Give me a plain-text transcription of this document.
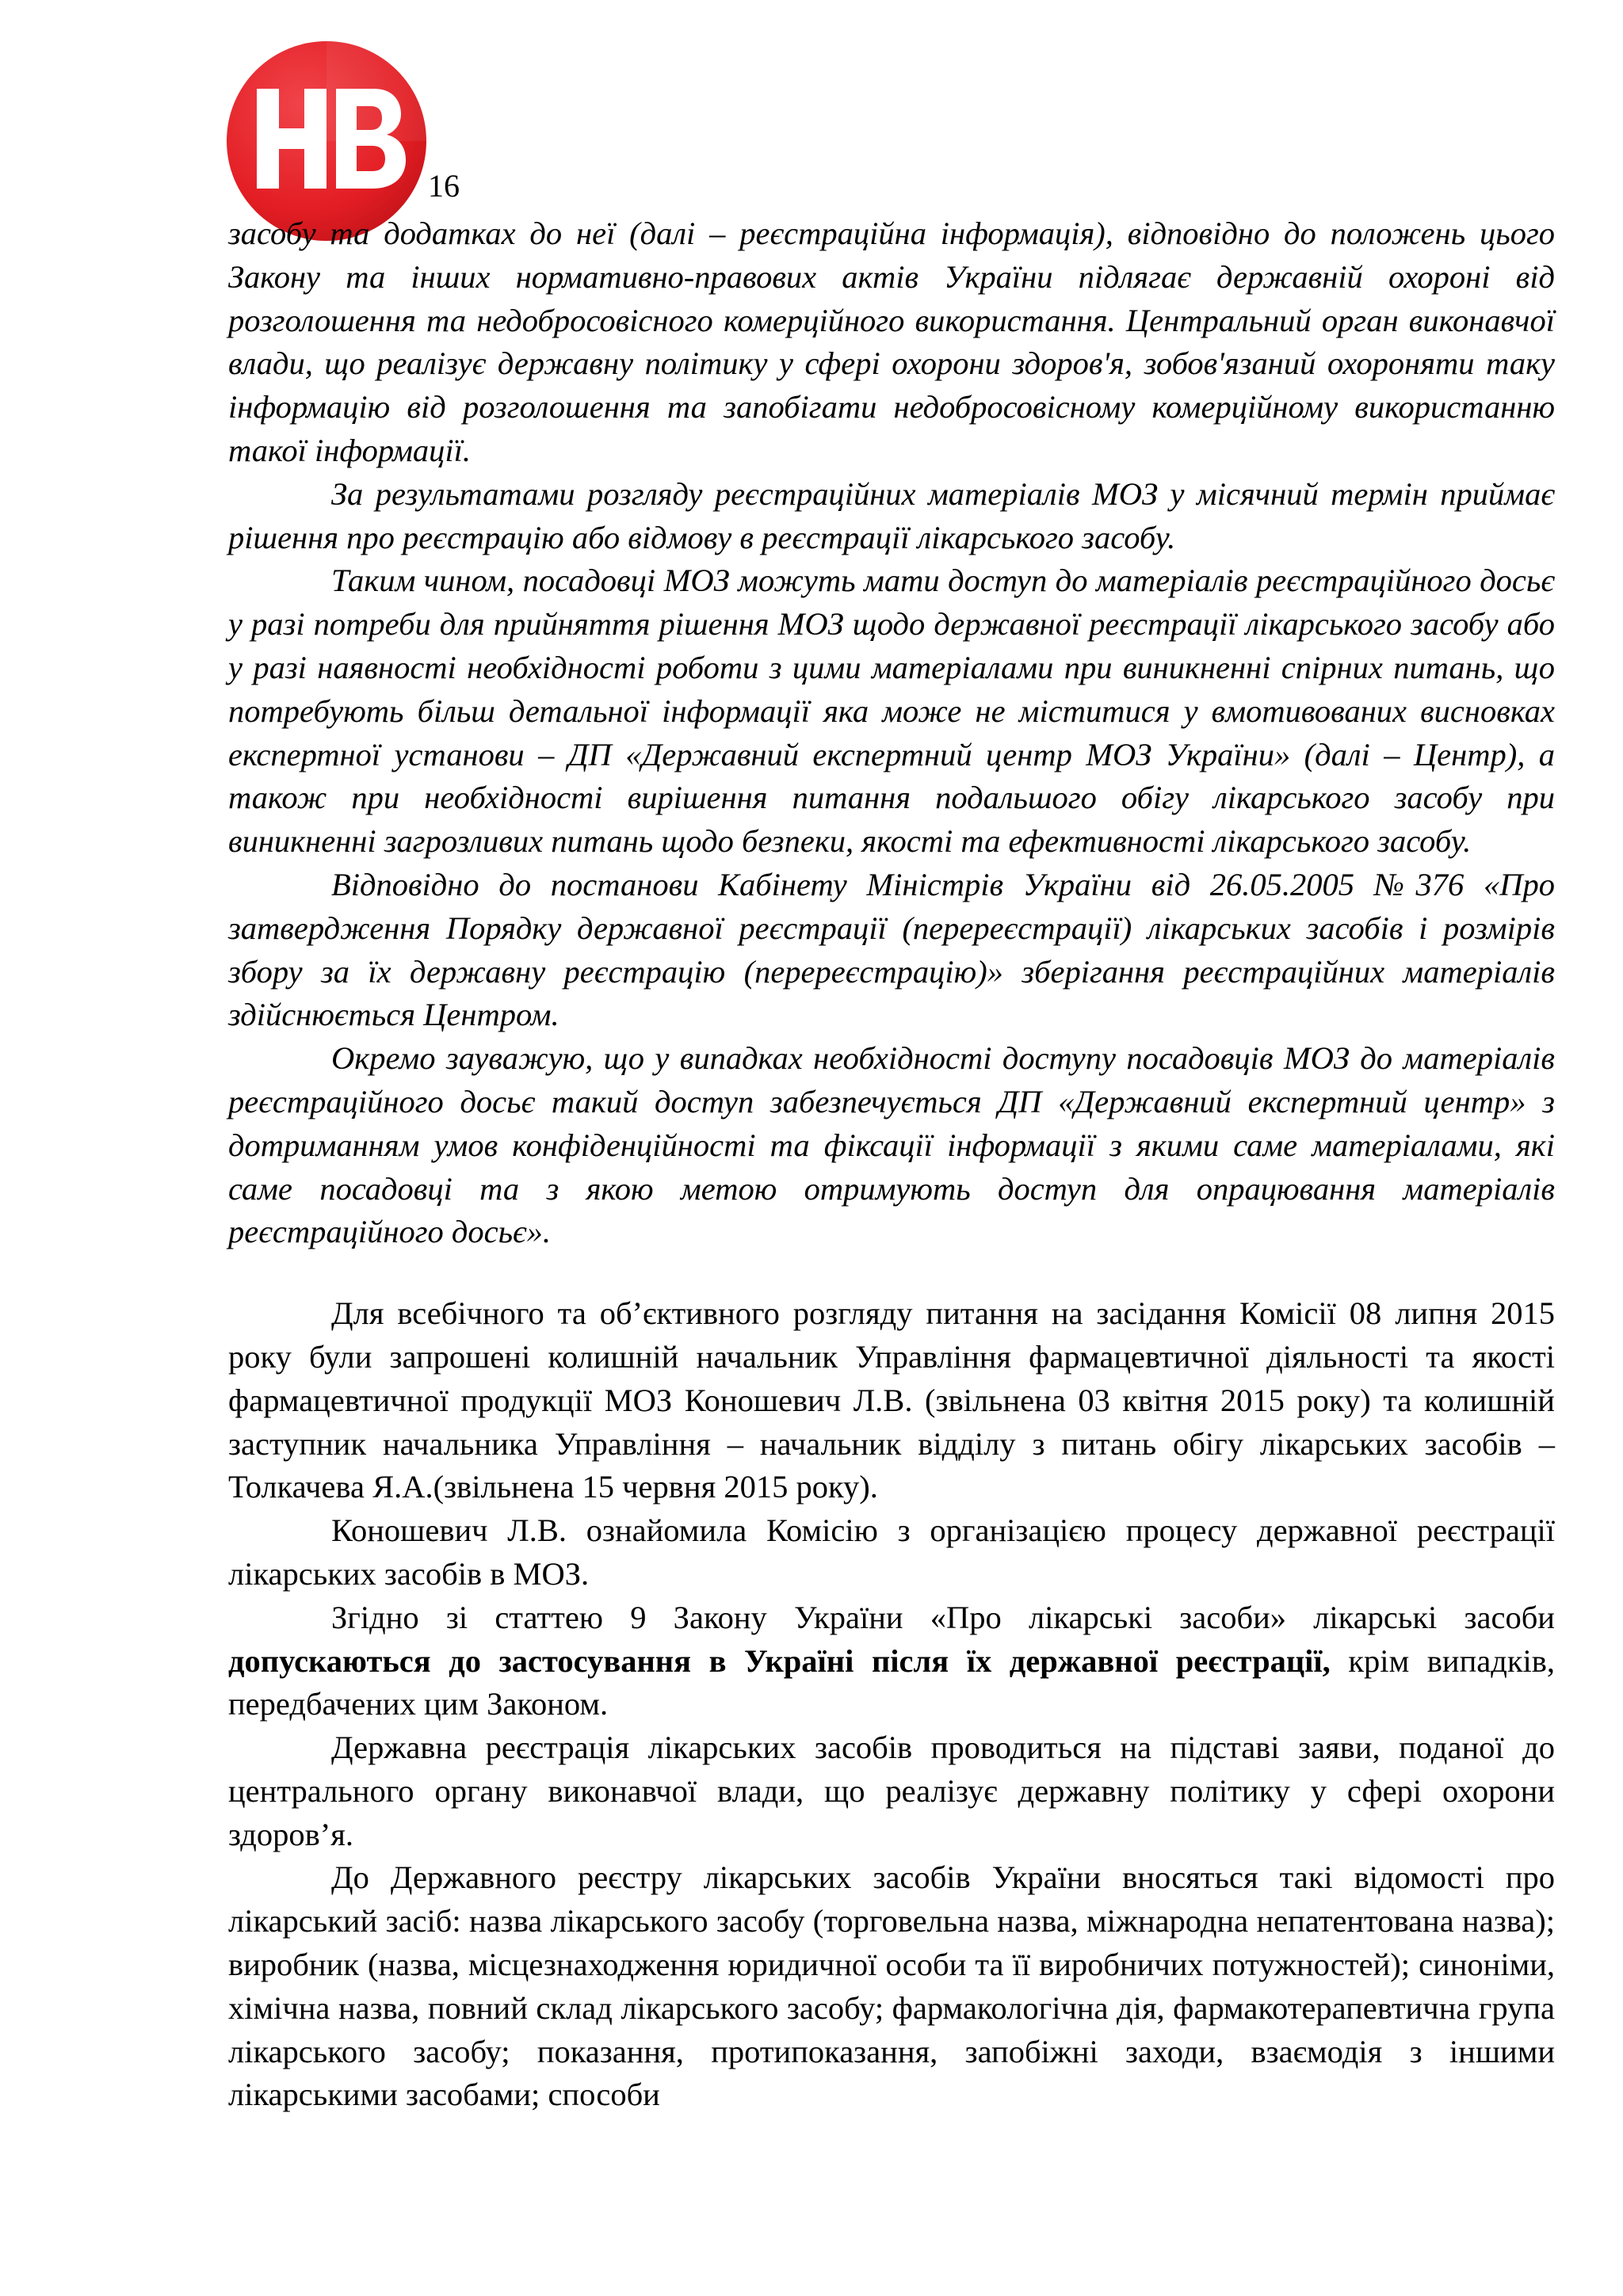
НВ
16

засобу та додатках до неї (далі – реєстраційна інформація), відповідно до положень цього Закону та інших нормативно-правових актів України підлягає державній охороні від розголошення та недобросовісного комерційного використання. Центральний орган виконавчої влади, що реалізує державну політику у сфері охорони здоров'я, зобов'язаний охороняти таку інформацію від розголошення та запобігати недобросовісному комерційному використанню такої інформації.

За результатами розгляду реєстраційних матеріалів МОЗ у місячний термін приймає рішення про реєстрацію або відмову в реєстрації лікарського засобу.

Таким чином, посадовці МОЗ можуть мати доступ до матеріалів реєстраційного досьє у разі потреби для прийняття рішення МОЗ щодо державної реєстрації лікарського засобу або у разі наявності необхідності роботи з цими матеріалами при виникненні спірних питань, що потребують більш детальної інформації яка може не міститися у вмотивованих висновках експертної установи – ДП «Державний експертний центр МОЗ України» (далі – Центр), а також при необхідності вирішення питання подальшого обігу лікарського засобу при виникненні загрозливих питань щодо безпеки, якості та ефективності лікарського засобу.

Відповідно до постанови Кабінету Міністрів України від 26.05.2005 №376 «Про затвердження Порядку державної реєстрації (перереєстрації) лікарських засобів і розмірів збору за їх державну реєстрацію (перереєстрацію)» зберігання реєстраційних матеріалів здійснюється Центром.

Окремо зауважую, що у випадках необхідності доступу посадовців МОЗ до матеріалів реєстраційного досьє такий доступ забезпечується ДП «Державний експертний центр» з дотриманням умов конфіденційності та фіксації інформації з якими саме матеріалами, які саме посадовці та з якою метою отримують доступ для опрацювання матеріалів реєстраційного досьє».

Для всебічного та об’єктивного розгляду питання на засідання Комісії 08 липня 2015 року були запрошені колишній начальник Управління фармацевтичної діяльності та якості фармацевтичної продукції МОЗ Коношевич Л.В. (звільнена 03 квітня 2015 року) та колишній заступник начальника Управління – начальник відділу з питань обігу лікарських засобів – Толкачева Я.А.(звільнена 15 червня 2015 року).

Коношевич Л.В. ознайомила Комісію з організацією процесу державної реєстрації лікарських засобів в МОЗ.

Згідно зі статтею 9 Закону України «Про лікарські засоби» лікарські засоби допускаються до застосування в Україні після їх державної реєстрації, крім випадків, передбачених цим Законом.

Державна реєстрація лікарських засобів проводиться на підставі заяви, поданої до центрального органу виконавчої влади, що реалізує державну політику у сфері охорони здоров’я.

До Державного реєстру лікарських засобів України вносяться такі відомості про лікарський засіб: назва лікарського засобу (торговельна назва, міжнародна непатентована назва); виробник (назва, місцезнаходження юридичної особи та її виробничих потужностей); синоніми, хімічна назва, повний склад лікарського засобу; фармакологічна дія, фармакотерапевтична група лікарського засобу; показання, протипоказання, запобіжні заходи, взаємодія з іншими лікарськими засобами; способи
